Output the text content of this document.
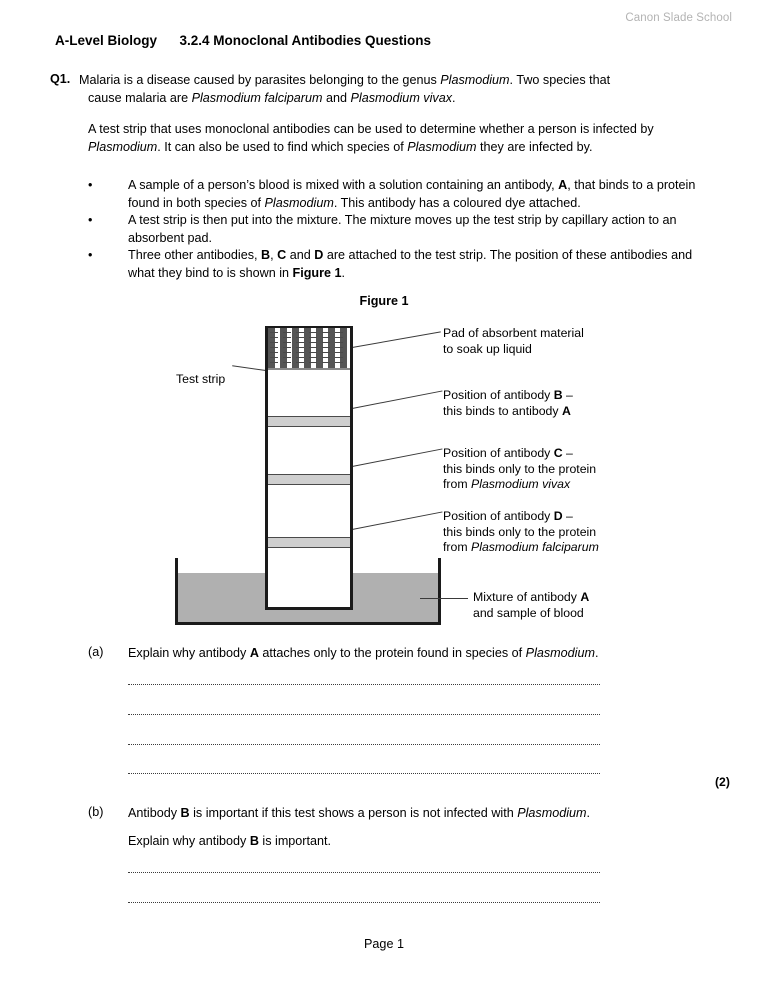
Canon Slade School
A-Level Biology      3.2.4 Monoclonal Antibodies Questions
Q1. Malaria is a disease caused by parasites belonging to the genus Plasmodium. Two species that
cause malaria are Plasmodium falciparum and Plasmodium vivax.
A test strip that uses monoclonal antibodies can be used to determine whether a person is infected by Plasmodium. It can also be used to find which species of Plasmodium they are infected by.
•	A sample of a person’s blood is mixed with a solution containing an antibody, A, that binds to a protein found in both species of Plasmodium. This antibody has a coloured dye attached.
•	A test strip is then put into the mixture. The mixture moves up the test strip by capillary action to an absorbent pad.
•	Three other antibodies, B, C and D are attached to the test strip. The position of these antibodies and what they bind to is shown in Figure 1.
Figure 1
Test strip
Pad of absorbent material
to soak up liquid
Position of antibody B –
this binds to antibody A
Position of antibody C –
this binds only to the protein
from Plasmodium vivax
Position of antibody D –
this binds only to the protein
from Plasmodium falciparum
Mixture of antibody A
and sample of blood
(a) Explain why antibody A attaches only to the protein found in species of Plasmodium.
(2)
(b) Antibody B is important if this test shows a person is not infected with Plasmodium.
Explain why antibody B is important.
Page 1
